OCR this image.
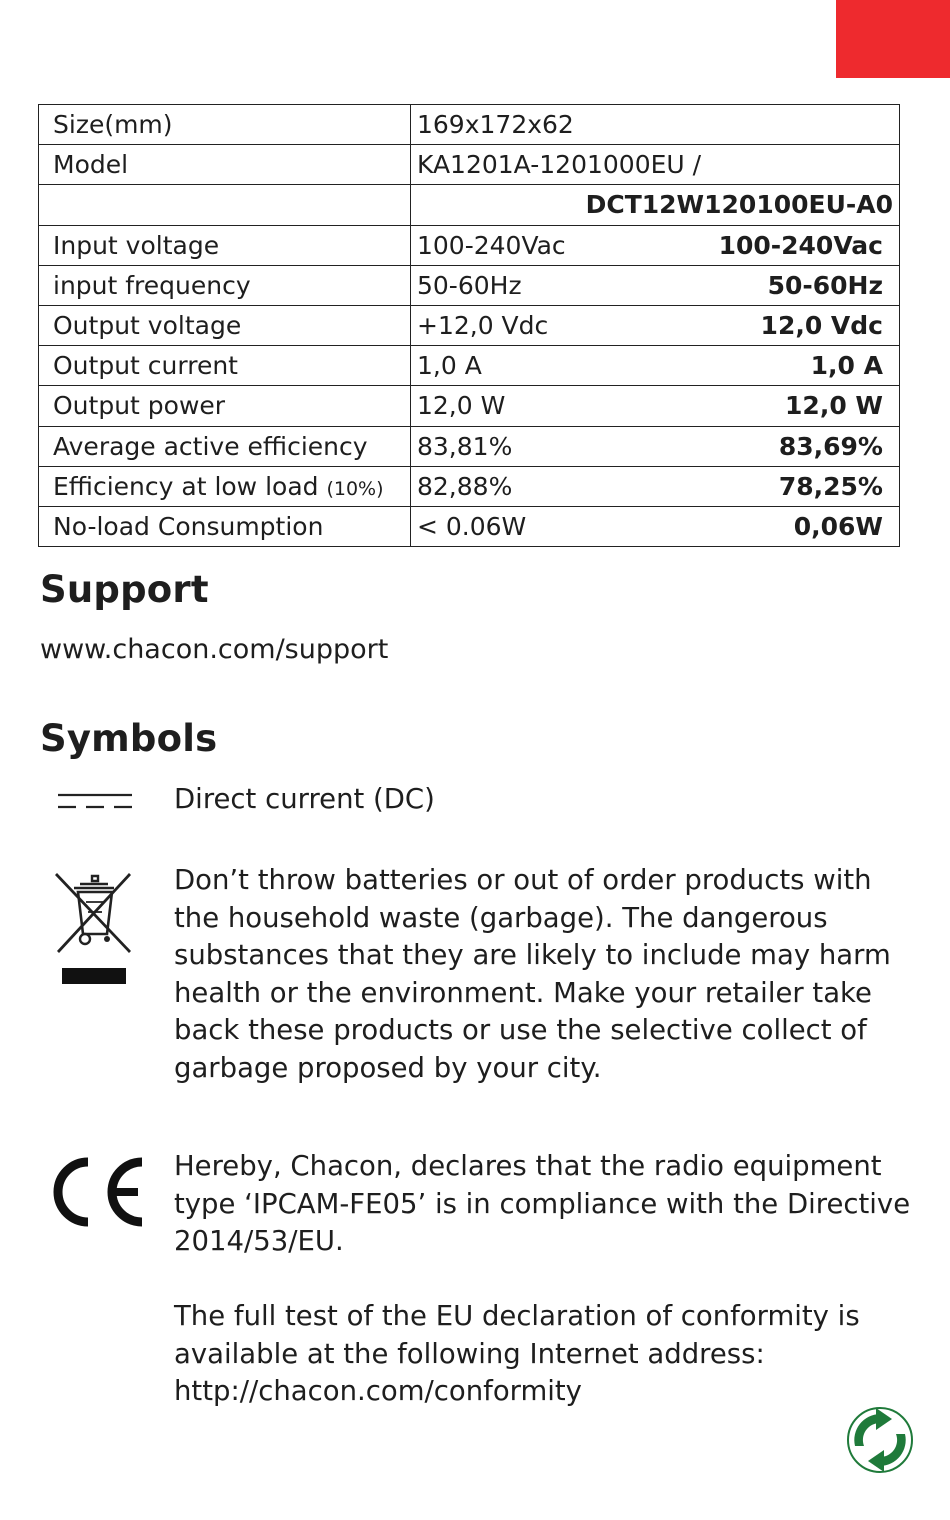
Size(mm)	169x172x62
Model	KA1201A-1201000EU /
	DCT12W120100EU-A0
Input voltage	100-240Vac 100-240Vac

input frequency	50-60Hz 50-60Hz

Output voltage	+12,0 Vdc 12,0 Vdc

Output current	1,0 A 1,0 A

Output power	12,0 W 12,0 W

Average active efficiency	83,81% 83,69%

Efficiency at low load (10%)	82,88% 78,25%

No-load Consumption	< 0.06W 0,06W
Support
www.chacon.com/support
Symbols
Direct current (DC)
Don’t throw batteries or out of order products with the household waste (garbage). The dangerous substances that they are likely to include may harm health or the environment. Make your retailer take back these products or use the selective collect of garbage proposed by your city.
Hereby, Chacon, declares that the radio equipment type ‘IPCAM-FE05’ is in compliance with the Directive 2014/53/EU.
The full test of the EU declaration of conformity is available at the following Internet address: http://chacon.com/conformity
